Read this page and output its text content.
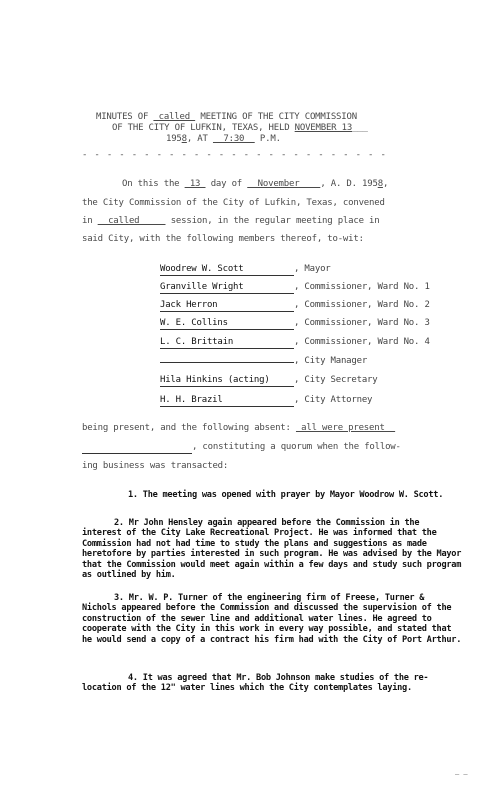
MINUTES OF  called  MEETING OF THE CITY COMMISSION
OF THE CITY OF LUFKIN, TEXAS, HELD NOVEMBER 13___
1958, AT   7:30   P.M.
- - - - - - - - - - - - - - - - - - - - - - - - -
On this the  13  day of   November    , A. D. 1958,
the City Commission of the City of Lufkin, Texas, convened
in   called      session, in the regular meeting place in
said City, with the following members thereof, to-wit:
Woodrew W. Scott	, Mayor
Granville Wright	, Commissioner, Ward No. 1
Jack Herron	, Commissioner, Ward No. 2
W. E. Collins	, Commissioner, Ward No. 3
L. C. Brittain	, Commissioner, Ward No. 4
, City Manager
Hila Hinkins (acting)	, City Secretary
H. H. Brazil	, City Attorney
being present, and the following absent:  all were present
, constituting a quorum when the follow-
ing business was transacted:
1. The meeting was opened with prayer by Mayor Woodrow W. Scott.
2. Mr John Hensley again appeared before the Commission in the interest of the City Lake Recreational Project. He was informed that the Commission had not had time to study the plans and suggestions as made heretofore by parties interested in such program. He was advised by the Mayor that the Commission would meet again within a few days and study such program as outlined by him.
3. Mr. W. P. Turner of the engineering firm of Freese, Turner & Nichols appeared before the Commission and discussed the supervision of the construction of the sewer line and additional water lines. He agreed to cooperate with the City in this work in every way possible, and stated that he would send a copy of a contract his firm had with the City of Port Arthur.
4. It was agreed that Mr. Bob Johnson make studies of the re-location of the 12" water lines which the City contemplates laying.
– –
